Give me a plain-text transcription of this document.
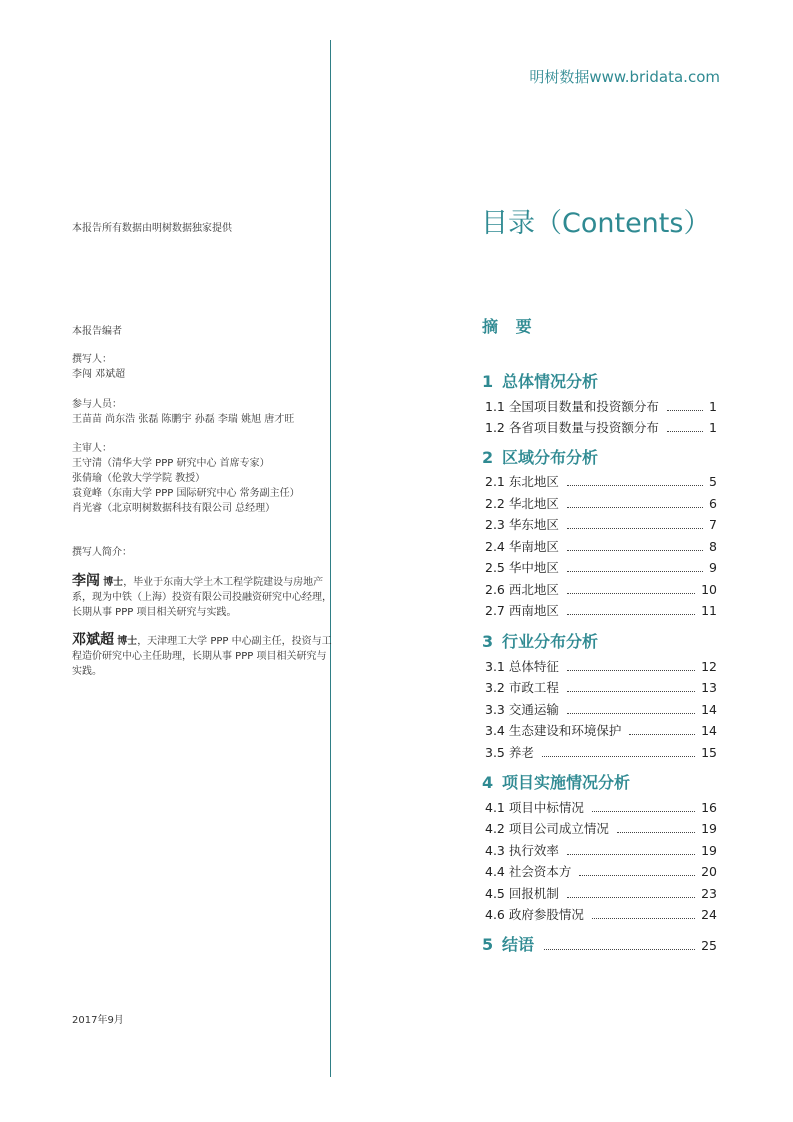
明树数据www.bridata.com
本报告所有数据由明树数据独家提供
本报告编者
撰写人：
李闯 邓斌超
参与人员：
王苗苗 尚东浩 张磊 陈鹏宇 孙磊 李瑞 姚旭 唐才旺
主审人：
王守清（清华大学 PPP 研究中心 首席专家）
张倩瑜（伦敦大学学院 教授）
袁竟峰（东南大学 PPP 国际研究中心 常务副主任）
肖光睿（北京明树数据科技有限公司 总经理）
撰写人简介：
李闯 博士，毕业于东南大学土木工程学院建设与房地产系，现为中铁（上海）投资有限公司投融资研究中心经理，长期从事 PPP 项目相关研究与实践。
邓斌超 博士，天津理工大学 PPP 中心副主任，投资与工程造价研究中心主任助理，长期从事 PPP 项目相关研究与实践。
2017年9月
目录（Contents）
摘 要
1 总体情况分析
1.1 全国项目数量和投资额分布	1
1.2 各省项目数量与投资额分布	1
2 区域分布分析
2.1 东北地区	5
2.2 华北地区	6
2.3 华东地区	7
2.4 华南地区	8
2.5 华中地区	9
2.6 西北地区	10
2.7 西南地区	11
3 行业分布分析
3.1 总体特征	12
3.2 市政工程	13
3.3 交通运输	14
3.4 生态建设和环境保护	14
3.5 养老	15
4 项目实施情况分析
4.1 项目中标情况	16
4.2 项目公司成立情况	19
4.3 执行效率	19
4.4 社会资本方	20
4.5 回报机制	23
4.6 政府参股情况	24
5 结语	25
